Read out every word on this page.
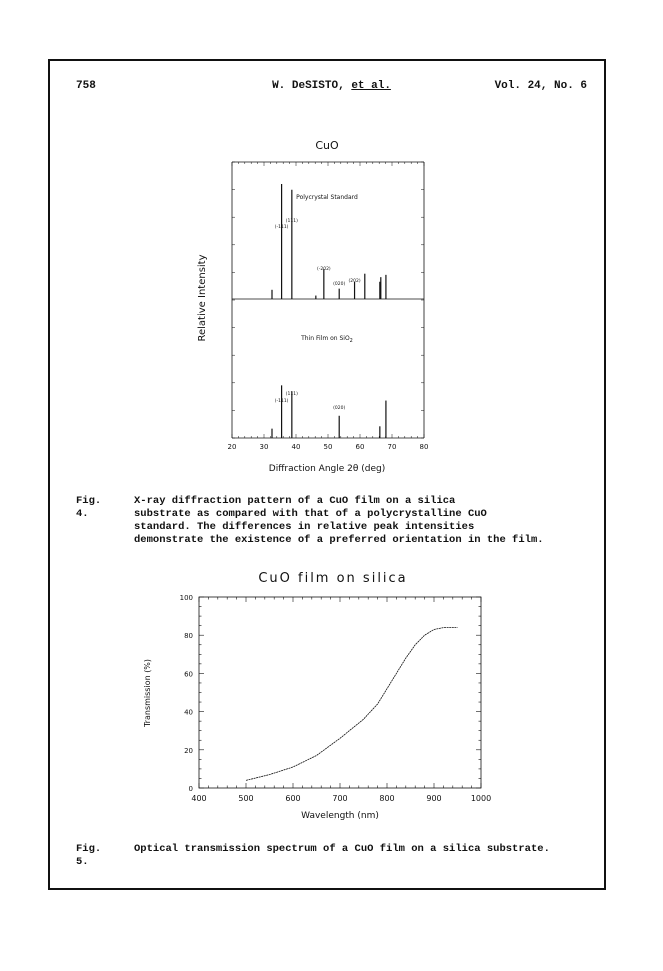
758	W. DeSISTO, et al.	Vol. 24, No. 6
CuO
Relative Intensity
Diffraction Angle 2θ (deg)
Polycrystal Standard
Thin Film on SiO$_2$
20	30	40	50	60	70	80
(111)
(-111)
(-202)
(020)
(202)
(111)
(-111)
(020)
Fig. 4.
X-ray diffraction pattern of a CuO film on a silica
substrate as compared with that of a polycrystalline CuO
standard. The differences in relative peak intensities
demonstrate the existence of a preferred orientation in the film.
CuO film on silica
Transmission (%)
Wavelength (nm)
400	500	600	700	800	900	1000
0
20
40
60
80
100
Fig. 5.
Optical transmission spectrum of a CuO film on a silica substrate.
